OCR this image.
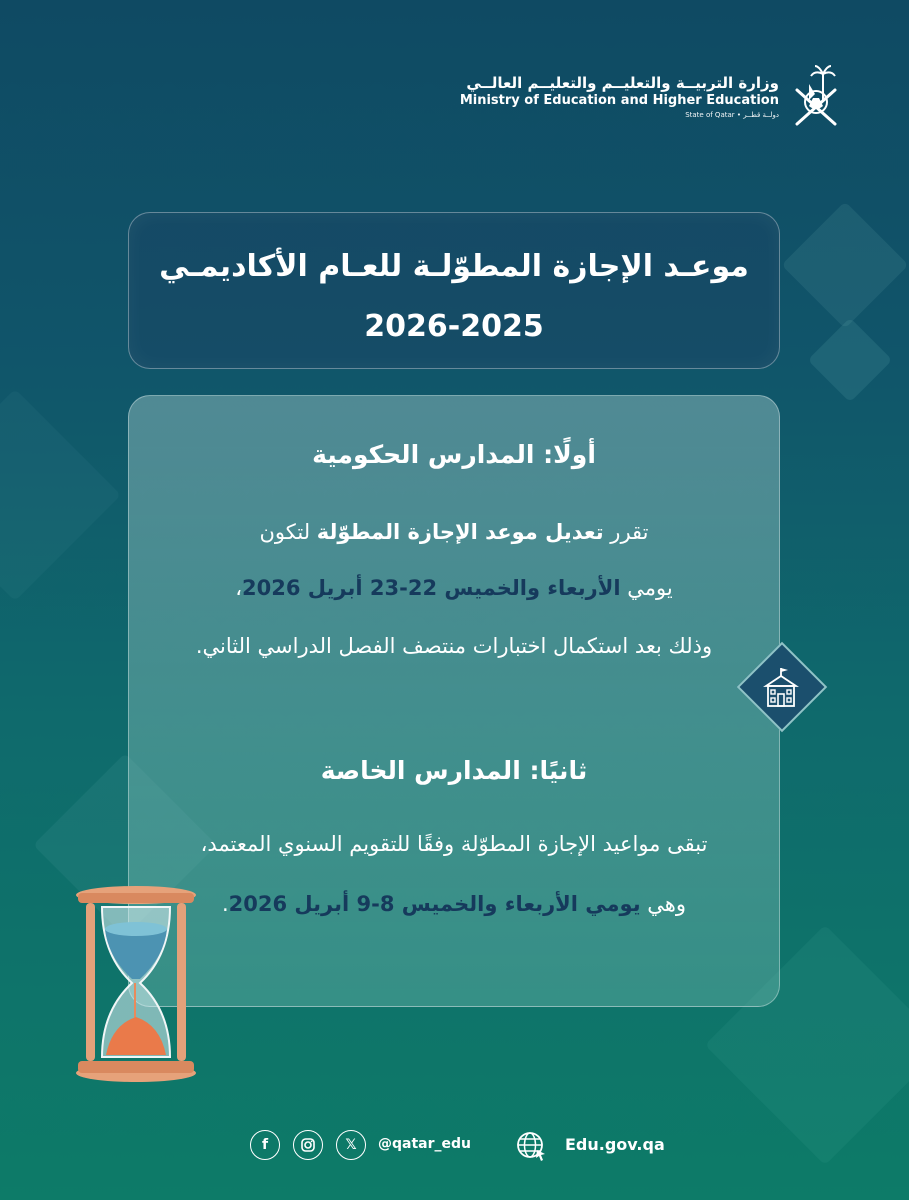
وزارة التربيــة والتعليــم والتعليــم العالــي
Ministry of Education and Higher Education
State of Qatar • دولــة قطــر
موعـد الإجازة المطوّلـة للعـام الأكاديمـي
2026-2025
أولًا: المدارس الحكومية
تقرر تعديل موعد الإجازة المطوّلة لتكون
يومي الأربعاء والخميس 22-23 أبريل 2026،
وذلك بعد استكمال اختبارات منتصف الفصل الدراسي الثاني.
ثانيًا: المدارس الخاصة
تبقى مواعيد الإجازة المطوّلة وفقًا للتقويم السنوي المعتمد،
وهي يومي الأربعاء والخميس 8-9 أبريل 2026.
f	𝕏 @qatar_edu	Edu.gov.qa
